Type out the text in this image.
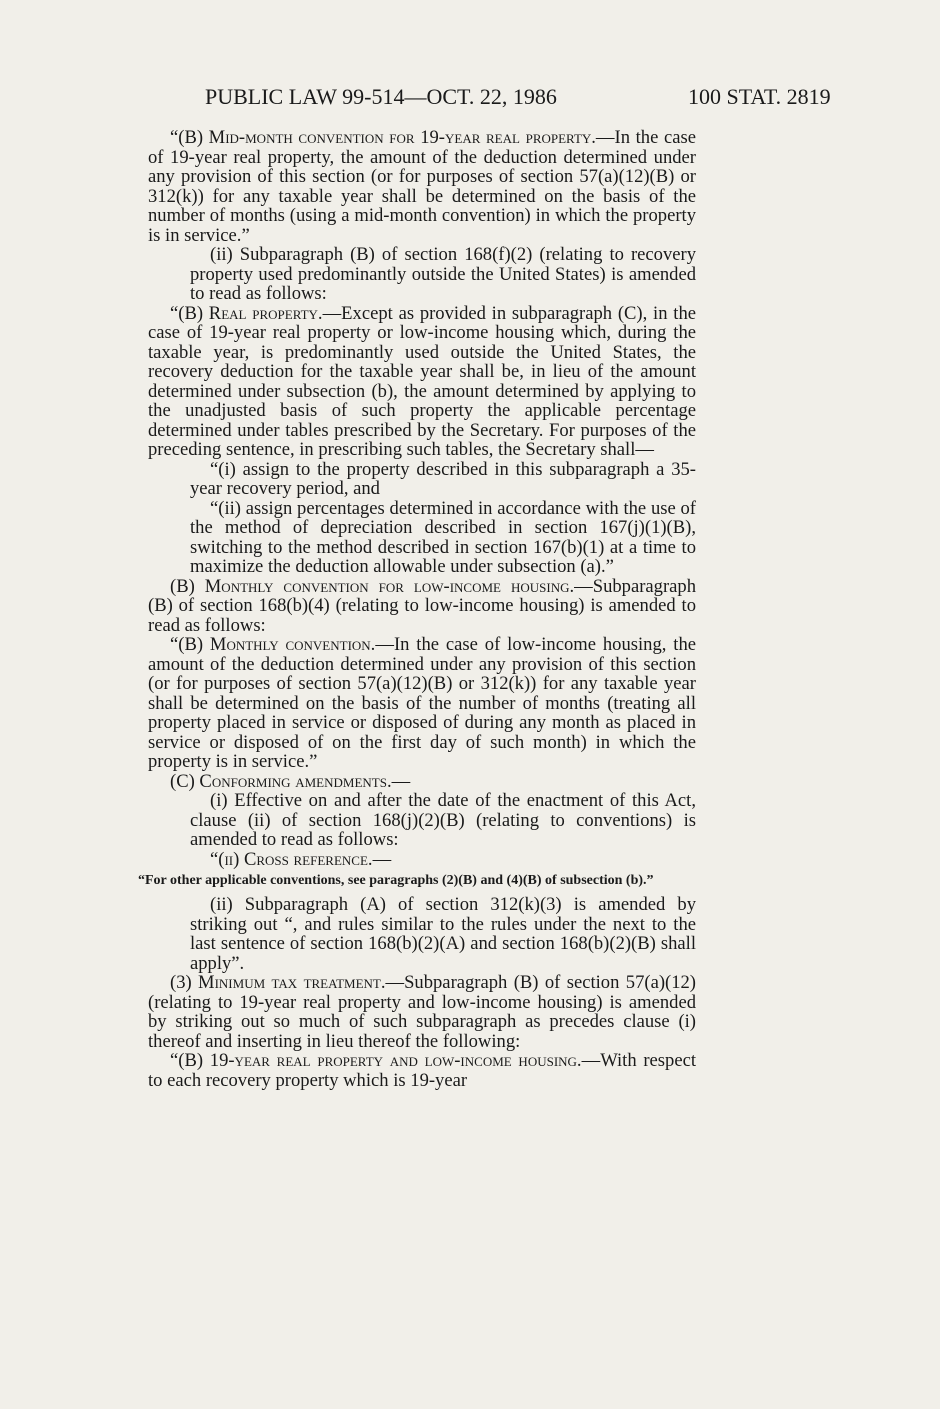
PUBLIC LAW 99-514—OCT. 22, 1986	100 STAT. 2819

“(B) Mid-month convention for 19-year real property.—In the case of 19-year real property, the amount of the deduction determined under any provision of this section (or for purposes of section 57(a)(12)(B) or 312(k)) for any taxable year shall be determined on the basis of the number of months (using a mid-month convention) in which the property is in service.”

(ii) Subparagraph (B) of section 168(f)(2) (relating to recovery property used predominantly outside the United States) is amended to read as follows:

“(B) Real property.—Except as provided in subparagraph (C), in the case of 19-year real property or low-income housing which, during the taxable year, is predominantly used outside the United States, the recovery deduction for the taxable year shall be, in lieu of the amount determined under subsection (b), the amount determined by applying to the unadjusted basis of such property the applicable percentage determined under tables prescribed by the Secretary. For purposes of the preceding sentence, in prescribing such tables, the Secretary shall—

“(i) assign to the property described in this subparagraph a 35-year recovery period, and

“(ii) assign percentages determined in accordance with the use of the method of depreciation described in section 167(j)(1)(B), switching to the method described in section 167(b)(1) at a time to maximize the deduction allowable under subsection (a).”

(B) Monthly convention for low-income housing.—Subparagraph (B) of section 168(b)(4) (relating to low-income housing) is amended to read as follows:

“(B) Monthly convention.—In the case of low-income housing, the amount of the deduction determined under any provision of this section (or for purposes of section 57(a)(12)(B) or 312(k)) for any taxable year shall be determined on the basis of the number of months (treating all property placed in service or disposed of during any month as placed in service or disposed of on the first day of such month) in which the property is in service.”

(C) Conforming amendments.—

(i) Effective on and after the date of the enactment of this Act, clause (ii) of section 168(j)(2)(B) (relating to conventions) is amended to read as follows:

“(ii) Cross reference.—

“For other applicable conventions, see paragraphs (2)(B) and (4)(B) of subsection (b).”

(ii) Subparagraph (A) of section 312(k)(3) is amended by striking out “, and rules similar to the rules under the next to the last sentence of section 168(b)(2)(A) and section 168(b)(2)(B) shall apply”.

(3) Minimum tax treatment.—Subparagraph (B) of section 57(a)(12) (relating to 19-year real property and low-income housing) is amended by striking out so much of such subparagraph as precedes clause (i) thereof and inserting in lieu thereof the following:

“(B) 19-year real property and low-income housing.—With respect to each recovery property which is 19-year
